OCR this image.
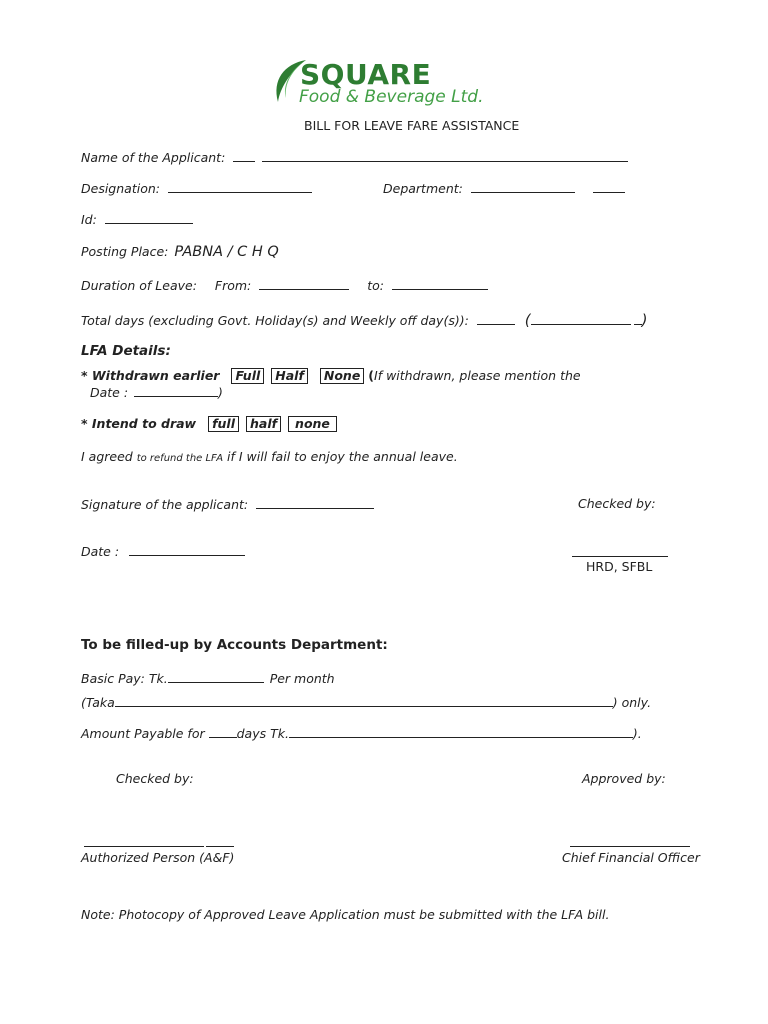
SQUARE
Food & Beverage Ltd.
BILL FOR LEAVE FARE ASSISTANCE
Name of the Applicant:
Designation:	Department:
Id:
Posting Place: PABNA / C H Q
Duration of Leave: From:	to:
Total days (excluding Govt. Holiday(s) and Weekly off day(s)):	(	)
LFA Details:
* Withdrawn earlier Full Half None (If withdrawn, please mention the
Date :	)
* Intend to draw full half none
I agreed to refund the LFA if I will fail to enjoy the annual leave.
Signature of the applicant:	Checked by:
Date :
HRD, SFBL
To be filled-up by Accounts Department:
Basic Pay: Tk.	Per month
(Taka	) only.
Amount Payable for days Tk.	).
Checked by:	Approved by:
Authorized Person (A&F)	Chief Financial Officer
Note: Photocopy of Approved Leave Application must be submitted with the LFA bill.
